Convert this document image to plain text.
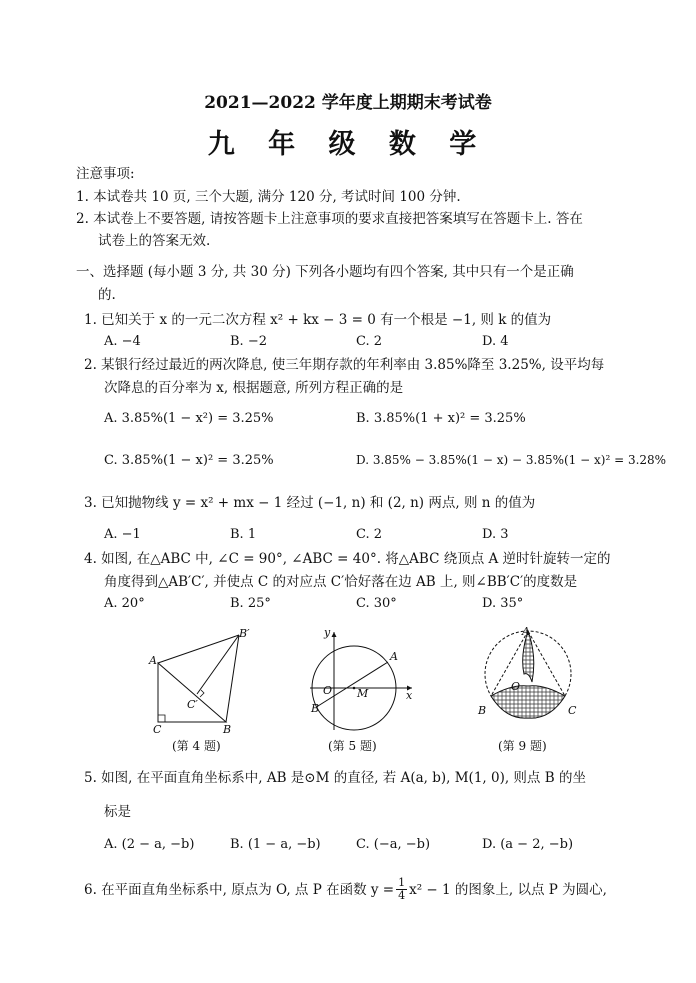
2021—2022 学年度上期期末考试卷
九 年 级 数 学
注意事项:
1. 本试卷共 10 页, 三个大题, 满分 120 分, 考试时间 100 分钟.
2. 本试卷上不要答题, 请按答题卡上注意事项的要求直接把答案填写在答题卡上. 答在
试卷上的答案无效.
一、选择题 (每小题 3 分, 共 30 分) 下列各小题均有四个答案, 其中只有一个是正确
的.
1. 已知关于 x 的一元二次方程 x² + kx − 3 = 0 有一个根是 −1, 则 k 的值为
A. −4	B. −2	C. 2	D. 4
2. 某银行经过最近的两次降息, 使三年期存款的年利率由 3.85%降至 3.25%, 设平均每
次降息的百分率为 x, 根据题意, 所列方程正确的是
A. 3.85%(1 − x²) = 3.25%	B. 3.85%(1 + x)² = 3.25%
C. 3.85%(1 − x)² = 3.25%	D. 3.85% − 3.85%(1 − x) − 3.85%(1 − x)² = 3.28%
3. 已知抛物线 y = x² + mx − 1 经过 (−1, n) 和 (2, n) 两点, 则 n 的值为
A. −1	B. 1	C. 2	D. 3
4. 如图, 在△ABC 中, ∠C = 90°, ∠ABC = 40°. 将△ABC 绕顶点 A 逆时针旋转一定的
角度得到△AB′C′, 并使点 C 的对应点 C′恰好落在边 AB 上, 则∠BB′C′的度数是
A. 20°	B. 25°	C. 30°	D. 35°
A
C	B
B′
C′
(第 4 题)
y
x
A
B
O M
(第 5 题)
A
B	C
O
(第 9 题)
5. 如图, 在平面直角坐标系中, AB 是⊙M 的直径, 若 A(a, b), M(1, 0), 则点 B 的坐
标是
A. (2 − a, −b)	B. (1 − a, −b)	C. (−a, −b)	D. (a − 2, −b)
6. 在平面直角坐标系中, 原点为 O, 点 P 在函数 $y = \frac{1}{4} x^2 - 1$ 的图象上, 以点 P 为圆心,
